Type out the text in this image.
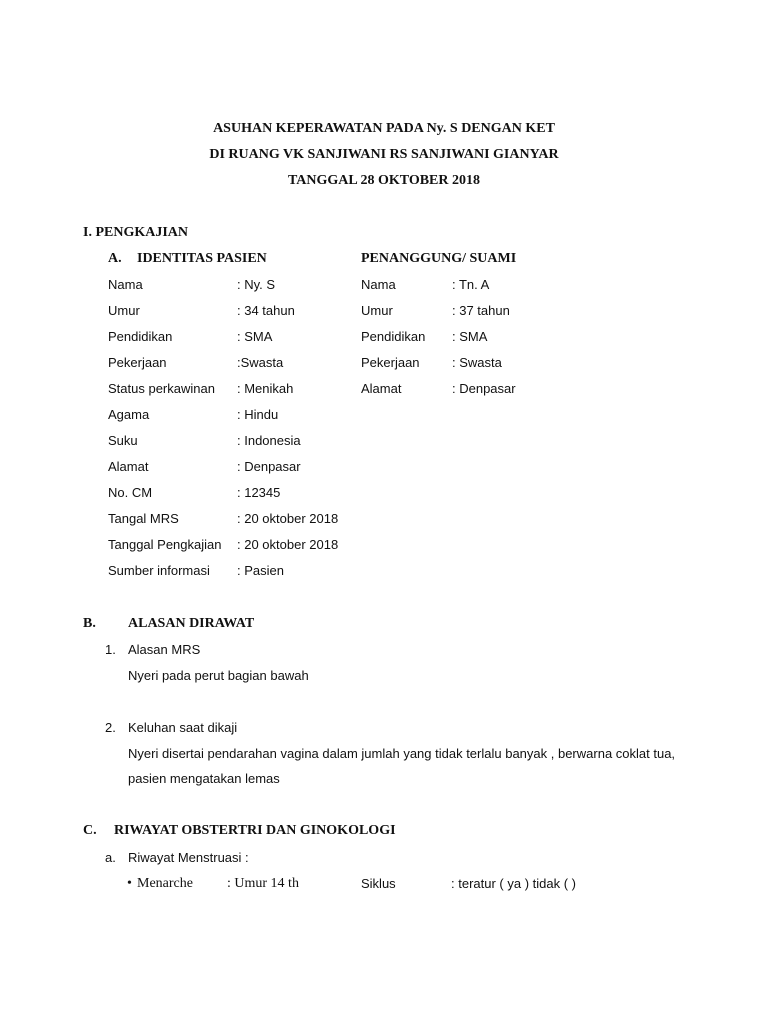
ASUHAN KEPERAWATAN PADA Ny. S DENGAN KET
DI RUANG VK SANJIWANI RS SANJIWANI GIANYAR
TANGGAL 28 OKTOBER 2018
I. PENGKAJIAN
A. IDENTITAS PASIEN	PENANGGUNG/ SUAMI
Nama	: Ny. S
Umur	: 34 tahun
Pendidikan	: SMA
Pekerjaan	:Swasta
Status perkawinan : Menikah
Agama	: Hindu
Suku	: Indonesia
Alamat	: Denpasar
No. CM	: 12345
Tangal MRS	: 20 oktober 2018
Tanggal Pengkajian : 20 oktober 2018
Sumber informasi : Pasien
Nama	: Tn. A
Umur	: 37 tahun
Pendidikan : SMA
Pekerjaan : Swasta
Alamat	: Denpasar
B. ALASAN DIRAWAT
1. Alasan MRS
Nyeri pada perut bagian bawah
2. Keluhan saat dikaji
Nyeri disertai pendarahan vagina dalam jumlah yang tidak terlalu banyak , berwarna coklat tua,
pasien mengatakan lemas
C. RIWAYAT OBSTERTRI DAN GINOKOLOGI
a. Riwayat Menstruasi :
• Menarche : Umur 14 th	Siklus	: teratur ( ya ) tidak ( )
